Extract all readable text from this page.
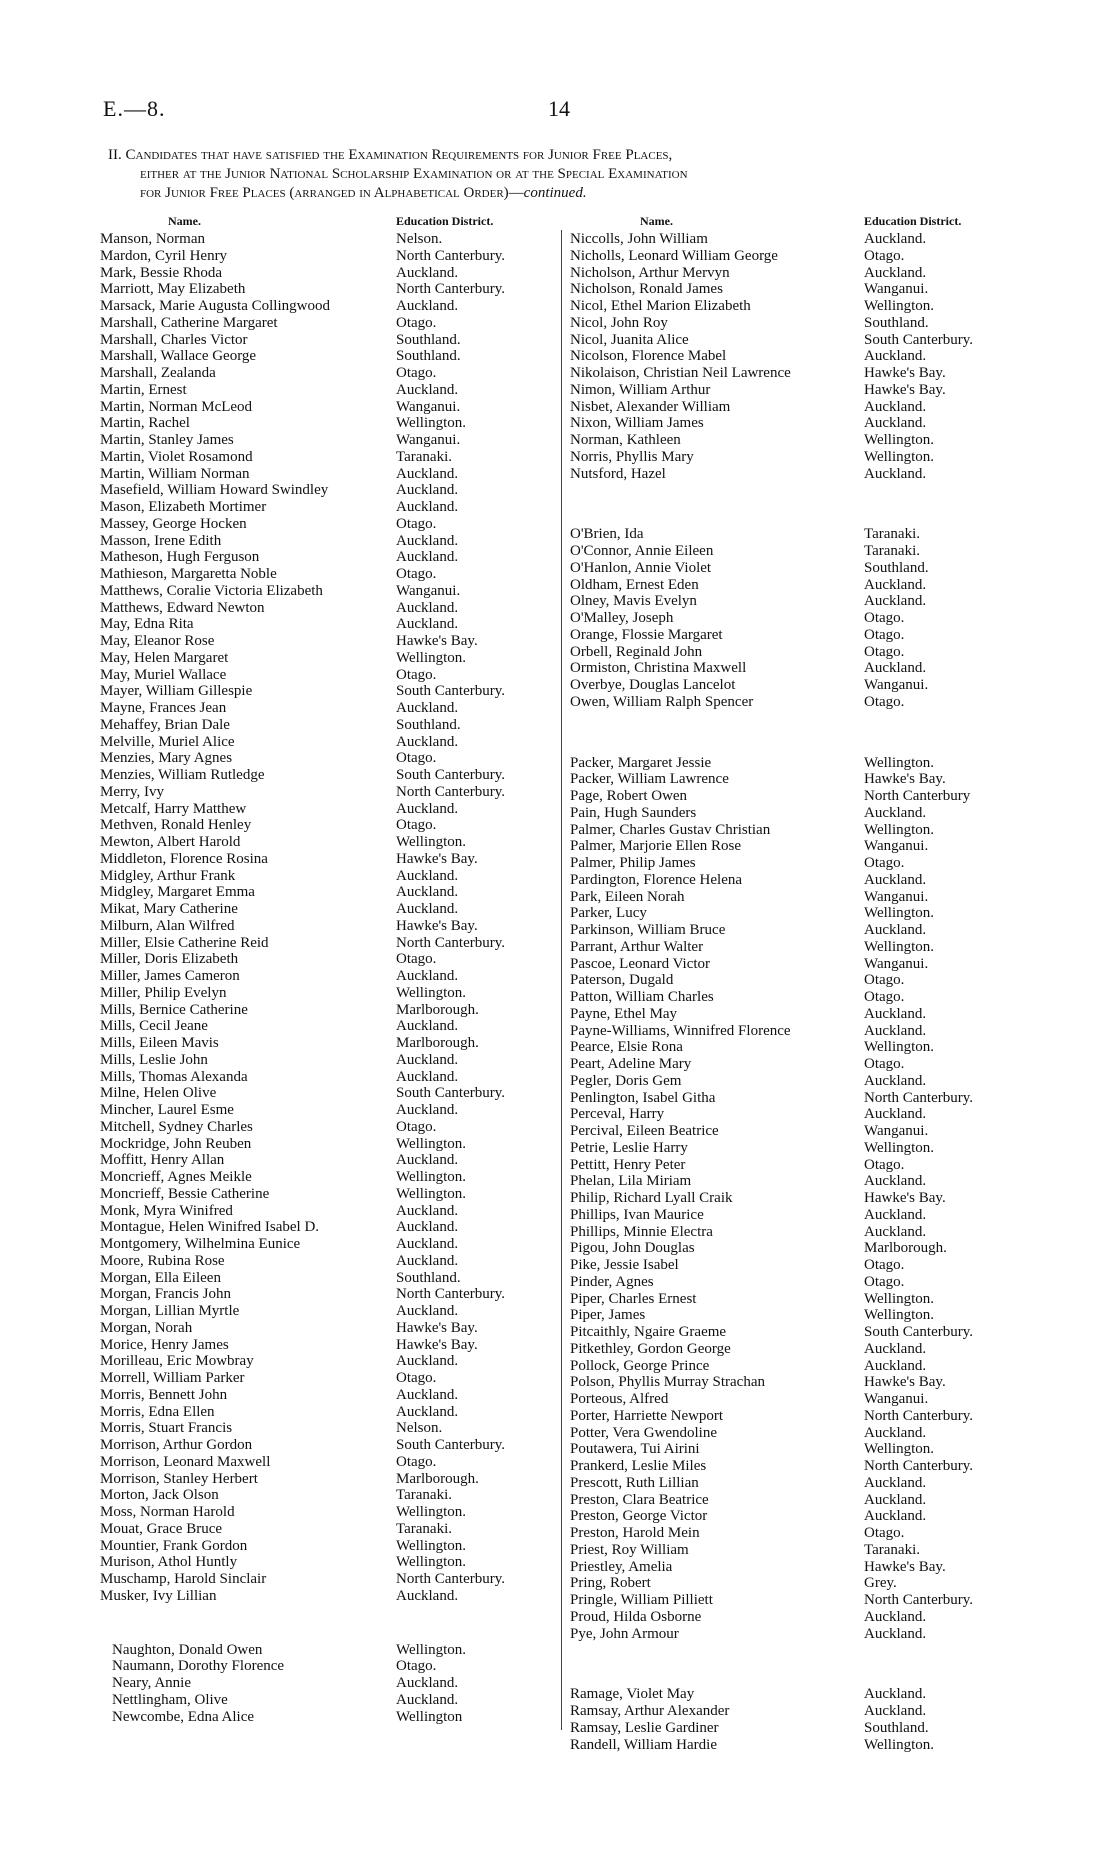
E.—8.	14
II. Candidates that have satisfied the Examination Requirements for Junior Free Places,
either at the Junior National Scholarship Examination or at the Special Examination
for Junior Free Places (arranged in Alphabetical Order)—continued.
Name.	Education District.
Manson, Norman	Nelson.
Mardon, Cyril Henry	North Canterbury.
Mark, Bessie Rhoda	Auckland.
Marriott, May Elizabeth	North Canterbury.
Marsack, Marie Augusta Collingwood	Auckland.
Marshall, Catherine Margaret	Otago.
Marshall, Charles Victor	Southland.
Marshall, Wallace George	Southland.
Marshall, Zealanda	Otago.
Martin, Ernest	Auckland.
Martin, Norman McLeod	Wanganui.
Martin, Rachel	Wellington.
Martin, Stanley James	Wanganui.
Martin, Violet Rosamond	Taranaki.
Martin, William Norman	Auckland.
Masefield, William Howard Swindley	Auckland.
Mason, Elizabeth Mortimer	Auckland.
Massey, George Hocken	Otago.
Masson, Irene Edith	Auckland.
Matheson, Hugh Ferguson	Auckland.
Mathieson, Margaretta Noble	Otago.
Matthews, Coralie Victoria Elizabeth	Wanganui.
Matthews, Edward Newton	Auckland.
May, Edna Rita	Auckland.
May, Eleanor Rose	Hawke's Bay.
May, Helen Margaret	Wellington.
May, Muriel Wallace	Otago.
Mayer, William Gillespie	South Canterbury.
Mayne, Frances Jean	Auckland.
Mehaffey, Brian Dale	Southland.
Melville, Muriel Alice	Auckland.
Menzies, Mary Agnes	Otago.
Menzies, William Rutledge	South Canterbury.
Merry, Ivy	North Canterbury.
Metcalf, Harry Matthew	Auckland.
Methven, Ronald Henley	Otago.
Mewton, Albert Harold	Wellington.
Middleton, Florence Rosina	Hawke's Bay.
Midgley, Arthur Frank	Auckland.
Midgley, Margaret Emma	Auckland.
Mikat, Mary Catherine	Auckland.
Milburn, Alan Wilfred	Hawke's Bay.
Miller, Elsie Catherine Reid	North Canterbury.
Miller, Doris Elizabeth	Otago.
Miller, James Cameron	Auckland.
Miller, Philip Evelyn	Wellington.
Mills, Bernice Catherine	Marlborough.
Mills, Cecil Jeane	Auckland.
Mills, Eileen Mavis	Marlborough.
Mills, Leslie John	Auckland.
Mills, Thomas Alexanda	Auckland.
Milne, Helen Olive	South Canterbury.
Mincher, Laurel Esme	Auckland.
Mitchell, Sydney Charles	Otago.
Mockridge, John Reuben	Wellington.
Moffitt, Henry Allan	Auckland.
Moncrieff, Agnes Meikle	Wellington.
Moncrieff, Bessie Catherine	Wellington.
Monk, Myra Winifred	Auckland.
Montague, Helen Winifred Isabel D.	Auckland.
Montgomery, Wilhelmina Eunice	Auckland.
Moore, Rubina Rose	Auckland.
Morgan, Ella Eileen	Southland.
Morgan, Francis John	North Canterbury.
Morgan, Lillian Myrtle	Auckland.
Morgan, Norah	Hawke's Bay.
Morice, Henry James	Hawke's Bay.
Morilleau, Eric Mowbray	Auckland.
Morrell, William Parker	Otago.
Morris, Bennett John	Auckland.
Morris, Edna Ellen	Auckland.
Morris, Stuart Francis	Nelson.
Morrison, Arthur Gordon	South Canterbury.
Morrison, Leonard Maxwell	Otago.
Morrison, Stanley Herbert	Marlborough.
Morton, Jack Olson	Taranaki.
Moss, Norman Harold	Wellington.
Mouat, Grace Bruce	Taranaki.
Mountier, Frank Gordon	Wellington.
Murison, Athol Huntly	Wellington.
Muschamp, Harold Sinclair	North Canterbury.
Musker, Ivy Lillian	Auckland.
Naughton, Donald Owen	Wellington.
Naumann, Dorothy Florence	Otago.
Neary, Annie	Auckland.
Nettlingham, Olive	Auckland.
Newcombe, Edna Alice	Wellington
Name.	Education District.
Niccolls, John William	Auckland.
Nicholls, Leonard William George	Otago.
Nicholson, Arthur Mervyn	Auckland.
Nicholson, Ronald James	Wanganui.
Nicol, Ethel Marion Elizabeth	Wellington.
Nicol, John Roy	Southland.
Nicol, Juanita Alice	South Canterbury.
Nicolson, Florence Mabel	Auckland.
Nikolaison, Christian Neil Lawrence	Hawke's Bay.
Nimon, William Arthur	Hawke's Bay.
Nisbet, Alexander William	Auckland.
Nixon, William James	Auckland.
Norman, Kathleen	Wellington.
Norris, Phyllis Mary	Wellington.
Nutsford, Hazel	Auckland.
O'Brien, Ida	Taranaki.
O'Connor, Annie Eileen	Taranaki.
O'Hanlon, Annie Violet	Southland.
Oldham, Ernest Eden	Auckland.
Olney, Mavis Evelyn	Auckland.
O'Malley, Joseph	Otago.
Orange, Flossie Margaret	Otago.
Orbell, Reginald John	Otago.
Ormiston, Christina Maxwell	Auckland.
Overbye, Douglas Lancelot	Wanganui.
Owen, William Ralph Spencer	Otago.
Packer, Margaret Jessie	Wellington.
Packer, William Lawrence	Hawke's Bay.
Page, Robert Owen	North Canterbury
Pain, Hugh Saunders	Auckland.
Palmer, Charles Gustav Christian	Wellington.
Palmer, Marjorie Ellen Rose	Wanganui.
Palmer, Philip James	Otago.
Pardington, Florence Helena	Auckland.
Park, Eileen Norah	Wanganui.
Parker, Lucy	Wellington.
Parkinson, William Bruce	Auckland.
Parrant, Arthur Walter	Wellington.
Pascoe, Leonard Victor	Wanganui.
Paterson, Dugald	Otago.
Patton, William Charles	Otago.
Payne, Ethel May	Auckland.
Payne-Williams, Winnifred Florence	Auckland.
Pearce, Elsie Rona	Wellington.
Peart, Adeline Mary	Otago.
Pegler, Doris Gem	Auckland.
Penlington, Isabel Githa	North Canterbury.
Perceval, Harry	Auckland.
Percival, Eileen Beatrice	Wanganui.
Petrie, Leslie Harry	Wellington.
Pettitt, Henry Peter	Otago.
Phelan, Lila Miriam	Auckland.
Philip, Richard Lyall Craik	Hawke's Bay.
Phillips, Ivan Maurice	Auckland.
Phillips, Minnie Electra	Auckland.
Pigou, John Douglas	Marlborough.
Pike, Jessie Isabel	Otago.
Pinder, Agnes	Otago.
Piper, Charles Ernest	Wellington.
Piper, James	Wellington.
Pitcaithly, Ngaire Graeme	South Canterbury.
Pitkethley, Gordon George	Auckland.
Pollock, George Prince	Auckland.
Polson, Phyllis Murray Strachan	Hawke's Bay.
Porteous, Alfred	Wanganui.
Porter, Harriette Newport	North Canterbury.
Potter, Vera Gwendoline	Auckland.
Poutawera, Tui Airini	Wellington.
Prankerd, Leslie Miles	North Canterbury.
Prescott, Ruth Lillian	Auckland.
Preston, Clara Beatrice	Auckland.
Preston, George Victor	Auckland.
Preston, Harold Mein	Otago.
Priest, Roy William	Taranaki.
Priestley, Amelia	Hawke's Bay.
Pring, Robert	Grey.
Pringle, William Pilliett	North Canterbury.
Proud, Hilda Osborne	Auckland.
Pye, John Armour	Auckland.
Ramage, Violet May	Auckland.
Ramsay, Arthur Alexander	Auckland.
Ramsay, Leslie Gardiner	Southland.
Randell, William Hardie	Wellington.
